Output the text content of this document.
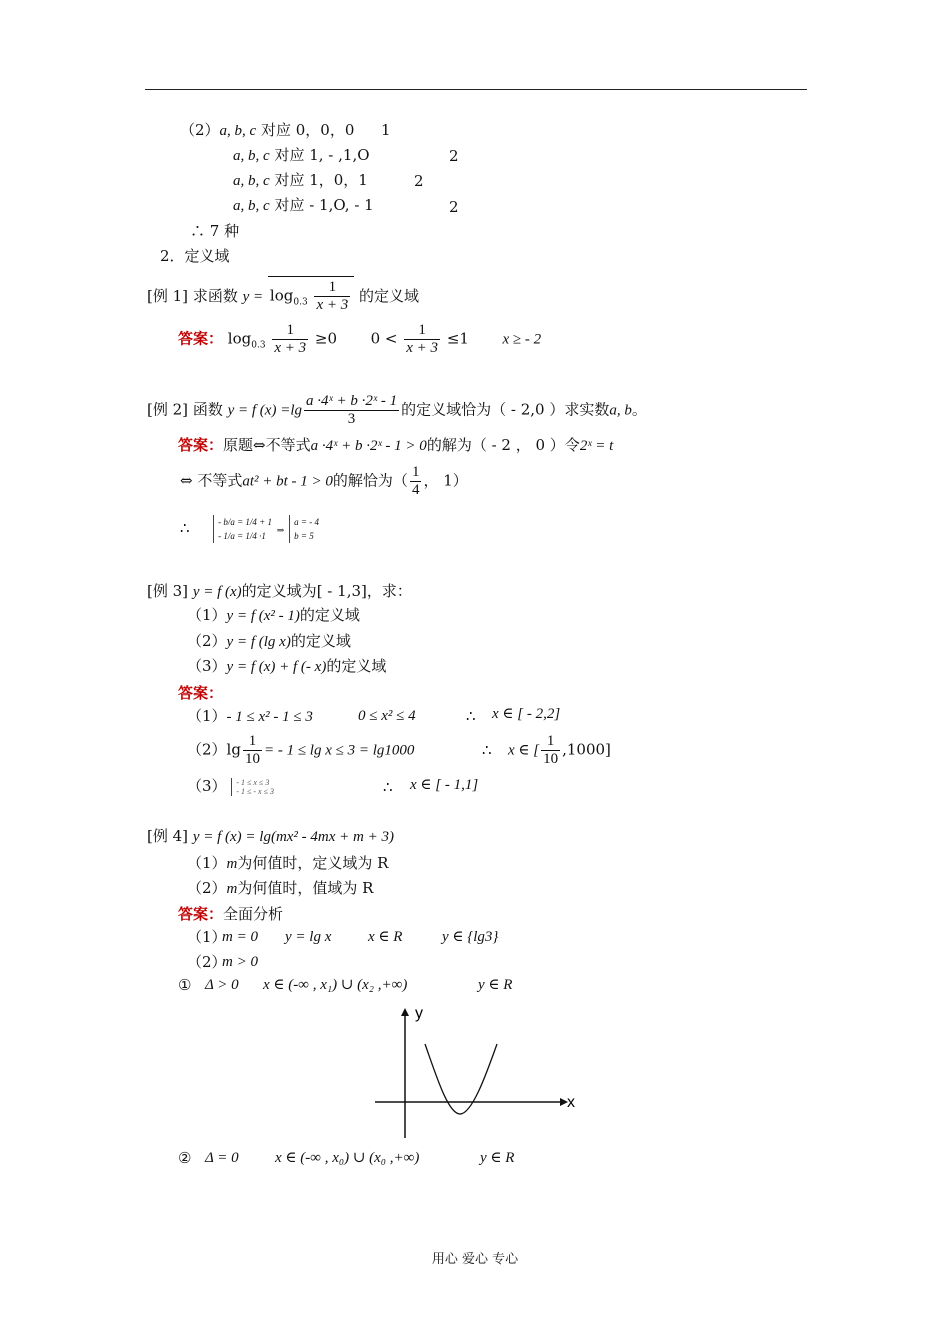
（2）a, b, c 对应 0，0，0 1
a, b, c 对应 1, - ,1,O	2
a, b, c 对应 1，0，1	2
a, b, c 对应 - 1,O, - 1	2
∴ 7 种
2．定义域
[例 1] 求函数 $y = \log_{0.3} \frac{1}{x + 3}$ 的定义域
答案： $\log_{0.3} \frac{1}{x + 3} \ge 0$ $0 < \frac{1}{x + 3} \le 1$ x ≥ - 2
[例 2] 函数 y = f $(x) =\lg \frac{\text{a ·4ˣ + b ·2ˣ - 1}}{3}$ 的定义域恰为（ - 2,0 ）求实数a, b。
答案：原题⇔不等式a ·4ˣ + b ·2ˣ - 1 > 0的解为（ - 2 ， 0 ）令2ˣ = t
⇔ 不等式at² + bt - 1 > 0的解恰为（ $\frac{1}{4}$ ， 1）
∴	- b/a = 1/4 + 1
- 1/a = 1/4 ·1 ⇒ a = - 4
b = 5
[例 3] y = f (x)的定义域为[ - 1,3]，求：
（1）y = f (x² - 1)的定义域
（2）y = f (lg x)的定义域
（3）y = f (x) + f (- x)的定义域
答案：
（1）- 1 ≤ x² - 1 ≤ 3	0 ≤ x² ≤ 4	∴ x ∈ [ - 2,2]
$(2)\lg \frac{1}{10}$ = - 1 ≤ lg x ≤ 3 = lg1000	∴ x ∈ [ $\frac{1}{10} ,1000$]
（3） - 1 ≤ x ≤ 3
- 1 ≤ - x ≤ 3	∴ x ∈ [ - 1,1]
[例 4] y = f (x) = lg(mx² - 4mx + m + 3)
（1）m为何值时，定义域为 R
（2）m为何值时，值域为 R
答案：全面分析
（1）
m = 0 y = lg x x ∈ R	y ∈ {lg3}
（2）
m > 0
① Δ > 0 x ∈ (-∞ , x₁) ∪ (x₂ ,+∞)	y ∈ R
y
x
② Δ = 0 x ∈ (-∞ , x₀) ∪ (x₀ ,+∞)	y ∈ R
用心 爱心 专心
